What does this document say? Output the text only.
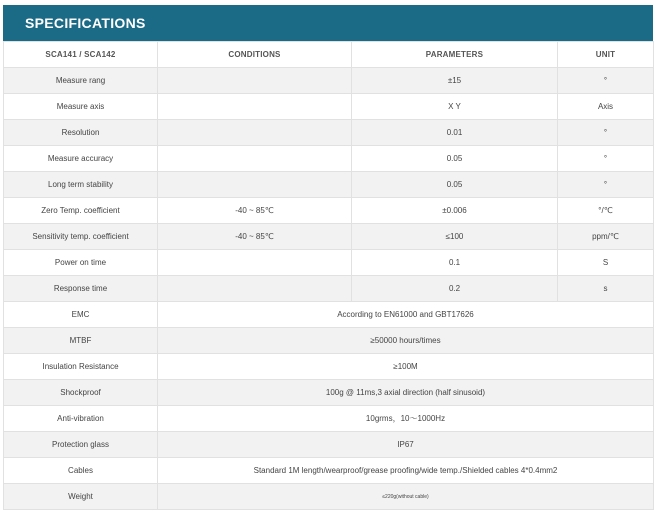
SPECIFICATIONS
SCA141 / SCA142	CONDITIONS	PARAMETERS	UNIT
Measure rang		±15	°
Measure axis		X Y	Axis
Resolution		0.01	°
Measure accuracy		0.05	°
Long term stability		0.05	°
Zero Temp. coefficient	-40 ~ 85℃	±0.006	°/℃
Sensitivity temp. coefficient	-40 ~ 85℃	≤100	ppm/℃
Power on time		0.1	S
Response time		0.2	s
EMC	According to EN61000 and GBT17626		
MTBF	≥50000 hours/times		
Insulation Resistance	≥100M		
Shockproof	100g @ 11ms,3 axial direction (half sinusoid)		
Anti-vibration	10grms，10～1000Hz		
Protection glass	IP67		
Cables	Standard 1M length/wearproof/grease proofing/wide temp./Shielded cables 4*0.4mm2		
Weight	≤220g(without cable)		
